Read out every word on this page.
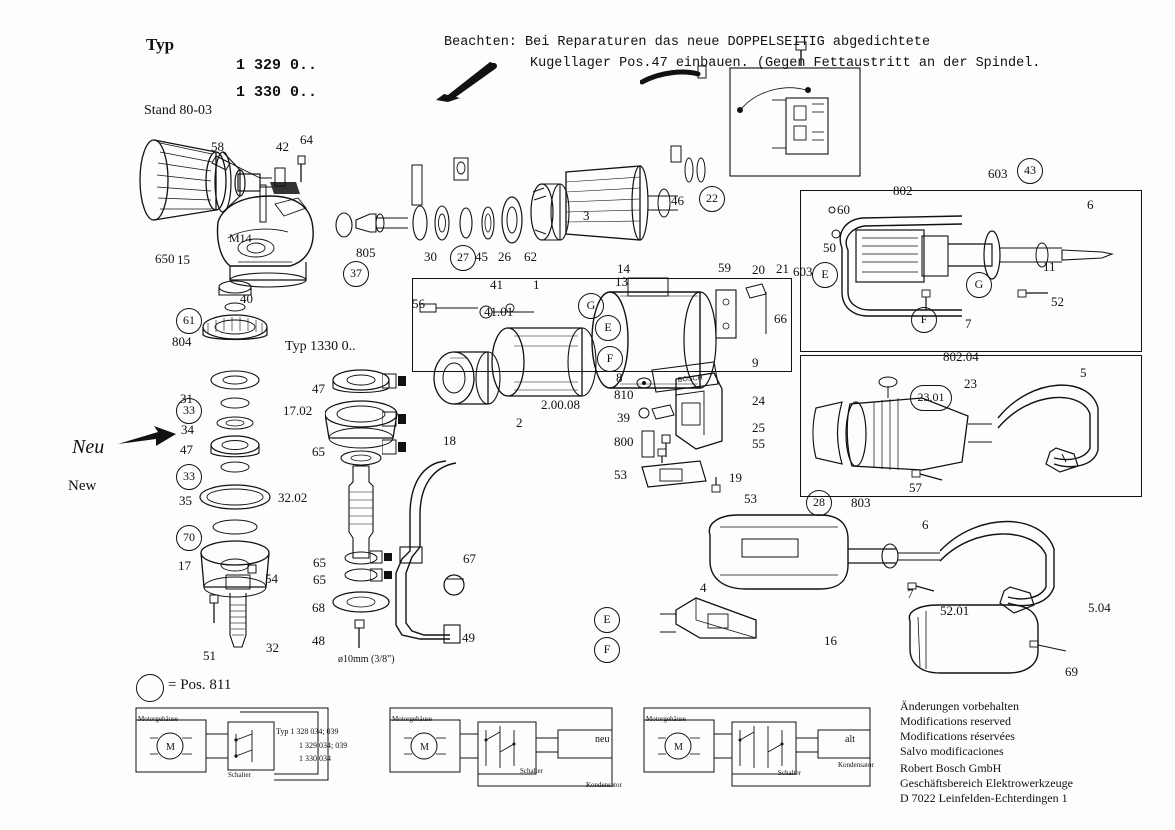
Typ
1 329 0..
1 330 0..
Stand 80-03
Beachten: Bei Reparaturen das neue DOPPELSEITIG abgedichtete
Kugellager Pos.47 einbauen. (Gegen Fettaustritt an der Spindel.
Neu
New
Typ 1330 0..
M14
ø10mm (3/8")
BOSCH
58	42 64
650 15	805	30	45 26 62
3
46
40
804
31
34
47
35
17
51
54
32
47
17.02
65
32.02
65
65
68
48
67
49
56
41
41.01
18
2
2.00.08
1	13
14	59 20 21
66
9
8
810
39
800
24
25
55
53	19
53
60
50
603
802
603
6
11
52
7
802.04
23
5
803
57
4
16
6
7
52.01	5.04
69
37
27
22
61
33
33
70
43
23.01
28
E
F
E
F
G
E
G
F
= Pos. 811
M
Motorgehäuse
Schalter
Typ 1 328 034; 039
1 329 034; 039
1 330 034
M
Motorgehäuse
Schalter
Kondensator
neu
M
Motorgehäuse
Schalter
Kondensator
alt
Änderungen vorbehalten
Modifications reserved
Modifications réservées
Salvo modificaciones
Robert Bosch GmbH
Geschäftsbereich Elektrowerkzeuge
D 7022 Leinfelden-Echterdingen 1
